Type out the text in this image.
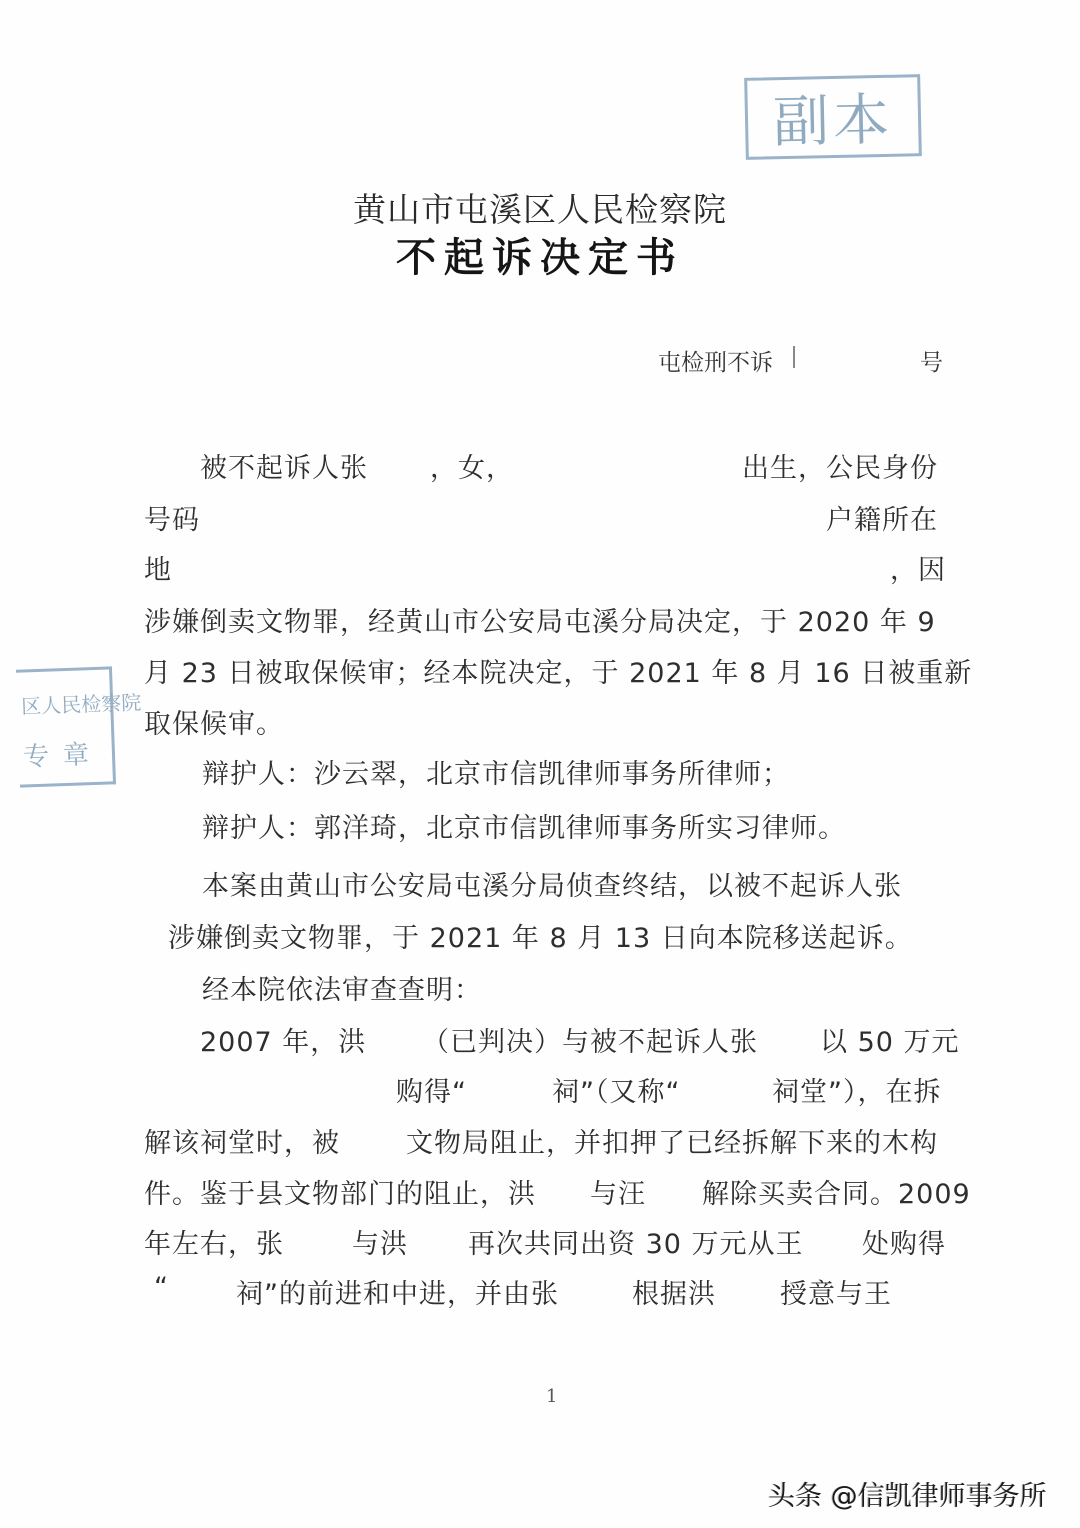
副本
区人民检察院
专章
黄山市屯溪区人民检察院
不起诉决定书
屯检刑不诉	号
被不起诉人张 ，女，	出生，公民身份
号码	户籍所在
地	，因
涉嫌倒卖文物罪，经黄山市公安局屯溪分局决定，于 2020 年 9
月 23 日被取保候审；经本院决定，于 2021 年 8 月 16 日被重新
取保候审。
辩护人：沙云翠，北京市信凯律师事务所律师；
辩护人：郭洋琦，北京市信凯律师事务所实习律师。
本案由黄山市公安局屯溪分局侦查终结，以被不起诉人张
涉嫌倒卖文物罪，于 2021 年 8 月 13 日向本院移送起诉。
经本院依法审查查明：
2007 年，洪 （已判决）与被不起诉人张 以 50 万元
购得“	祠”（又称“	祠堂”），在拆
解该祠堂时，被 文物局阻止，并扣押了已经拆解下来的木构
件。鉴于县文物部门的阻止，洪 与汪 解除买卖合同。2009
年左右，张	与洪 再次共同出资 30 万元从王 处购得
“ 祠”的前进和中进，并由张	根据洪 授意与王
1
头条 @信凯律师事务所
